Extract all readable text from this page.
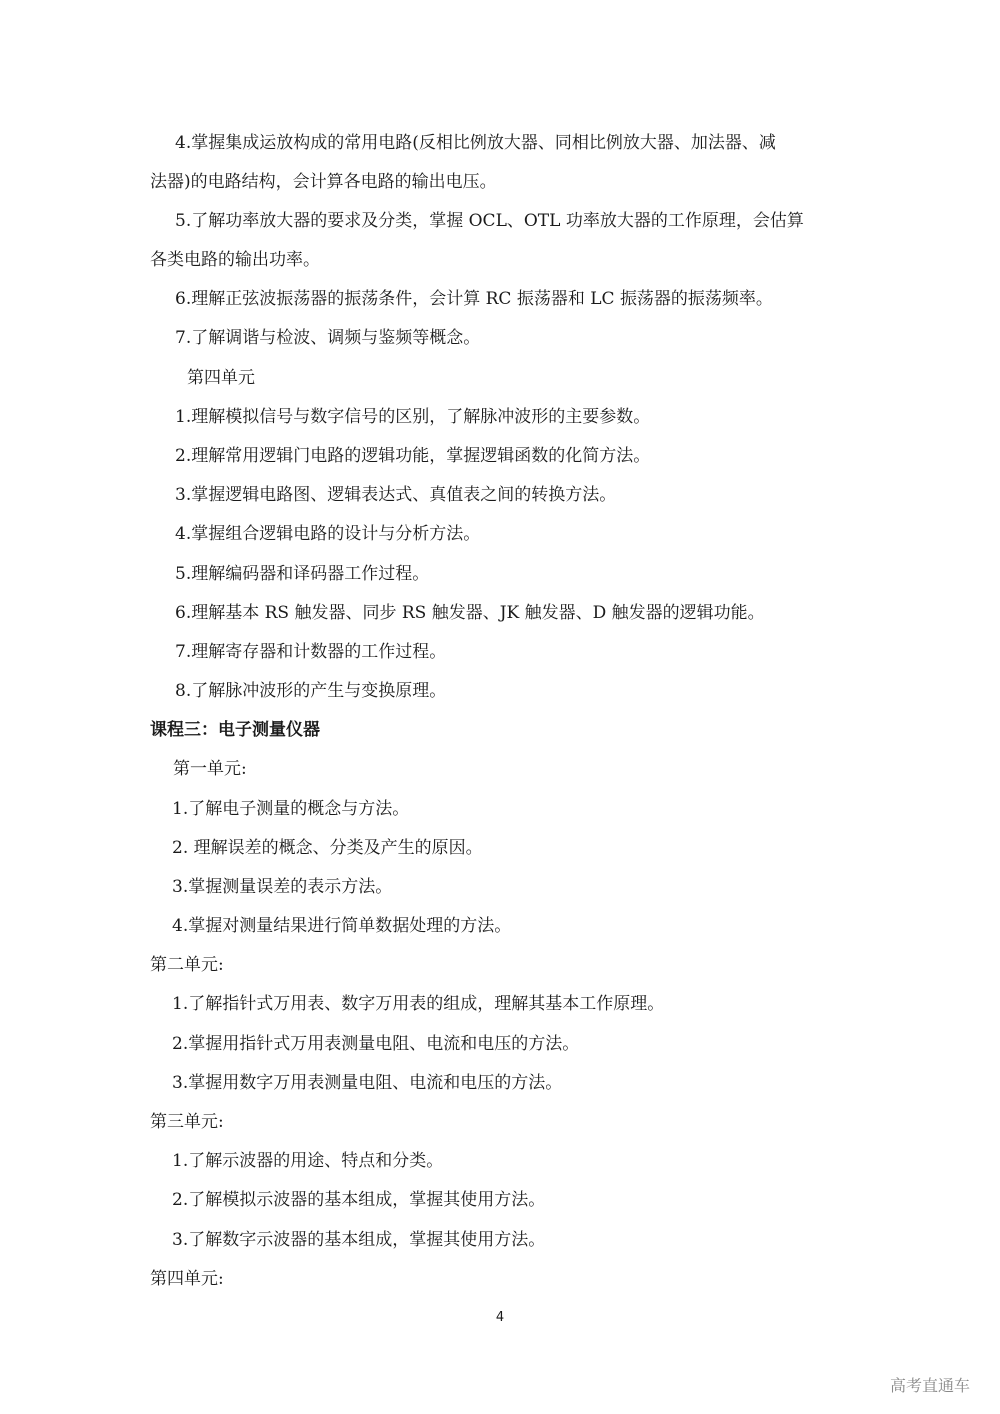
4.掌握集成运放构成的常用电路(反相比例放大器、同相比例放大器、加法器、减
法器)的电路结构，会计算各电路的输出电压。
5.了解功率放大器的要求及分类，掌握 OCL、OTL 功率放大器的工作原理，会估算
各类电路的输出功率。
6.理解正弦波振荡器的振荡条件，会计算 RC 振荡器和 LC 振荡器的振荡频率。
7.了解调谐与检波、调频与鉴频等概念。
第四单元
1.理解模拟信号与数字信号的区别，了解脉冲波形的主要参数。
2.理解常用逻辑门电路的逻辑功能，掌握逻辑函数的化简方法。
3.掌握逻辑电路图、逻辑表达式、真值表之间的转换方法。
4.掌握组合逻辑电路的设计与分析方法。
5.理解编码器和译码器工作过程。
6.理解基本 RS 触发器、同步 RS 触发器、JK 触发器、D 触发器的逻辑功能。
7.理解寄存器和计数器的工作过程。
8.了解脉冲波形的产生与变换原理。
课程三：电子测量仪器
第一单元:
1.了解电子测量的概念与方法。
2. 理解误差的概念、分类及产生的原因。
3.掌握测量误差的表示方法。
4.掌握对测量结果进行简单数据处理的方法。
第二单元:
1.了解指针式万用表、数字万用表的组成，理解其基本工作原理。
2.掌握用指针式万用表测量电阻、电流和电压的方法。
3.掌握用数字万用表测量电阻、电流和电压的方法。
第三单元:
1.了解示波器的用途、特点和分类。
2.了解模拟示波器的基本组成，掌握其使用方法。
3.了解数字示波器的基本组成，掌握其使用方法。
第四单元:
4
高考直通车
